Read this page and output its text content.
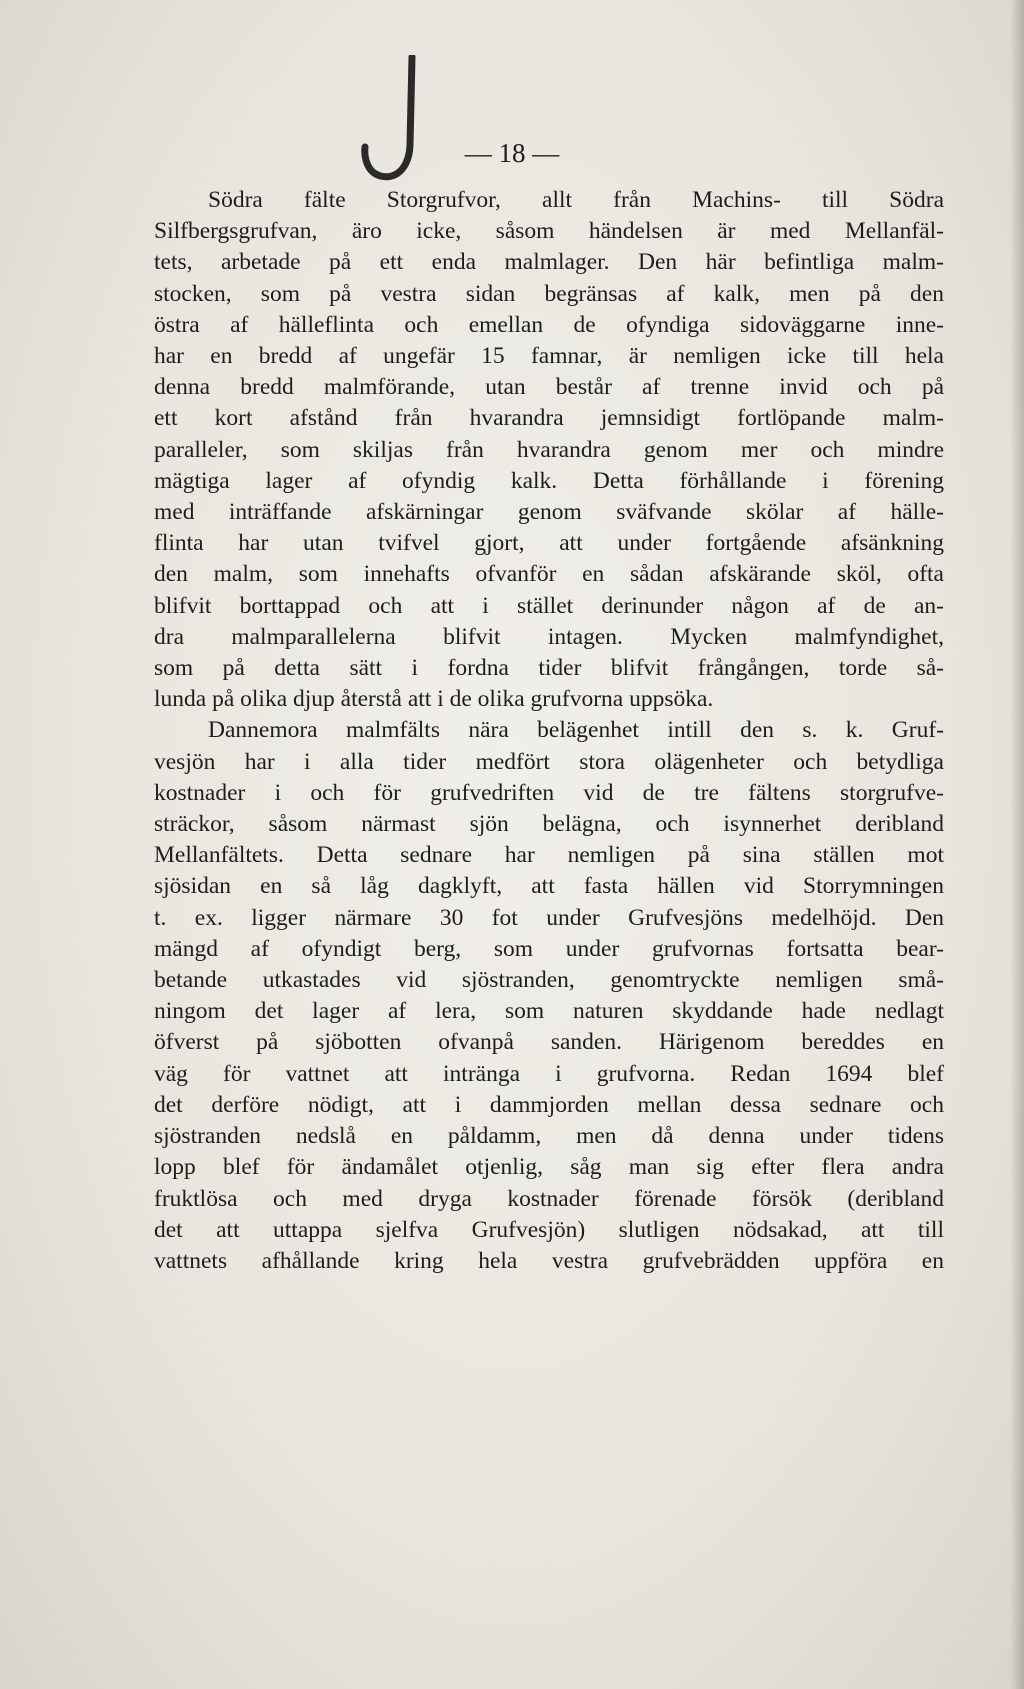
— 18 —
Södra fälte Storgrufvor, allt från Machins- till Södra
Silfbergsgrufvan, äro icke, såsom händelsen är med Mellanfäl-
tets, arbetade på ett enda malmlager. Den här befintliga malm-
stocken, som på vestra sidan begränsas af kalk, men på den
östra af hälleflinta och emellan de ofyndiga sidoväggarne inne-
har en bredd af ungefär 15 famnar, är nemligen icke till hela
denna bredd malmförande, utan består af trenne invid och på
ett kort afstånd från hvarandra jemnsidigt fortlöpande malm-
paralleler, som skiljas från hvarandra genom mer och mindre
mägtiga lager af ofyndig kalk. Detta förhållande i förening
med inträffande afskärningar genom sväfvande skölar af hälle-
flinta har utan tvifvel gjort, att under fortgående afsänkning
den malm, som innehafts ofvanför en sådan afskärande sköl, ofta
blifvit borttappad och att i stället derinunder någon af de an-
dra malmparallelerna blifvit intagen. Mycken malmfyndighet,
som på detta sätt i fordna tider blifvit frångången, torde så-
lunda på olika djup återstå att i de olika grufvorna uppsöka.
Dannemora malmfälts nära belägenhet intill den s. k. Gruf-
vesjön har i alla tider medfört stora olägenheter och betydliga
kostnader i och för grufvedriften vid de tre fältens storgrufve-
sträckor, såsom närmast sjön belägna, och isynnerhet deribland
Mellanfältets. Detta sednare har nemligen på sina ställen mot
sjösidan en så låg dagklyft, att fasta hällen vid Storrymningen
t. ex. ligger närmare 30 fot under Grufvesjöns medelhöjd. Den
mängd af ofyndigt berg, som under grufvornas fortsatta bear-
betande utkastades vid sjöstranden, genomtryckte nemligen små-
ningom det lager af lera, som naturen skyddande hade nedlagt
öfverst på sjöbotten ofvanpå sanden. Härigenom bereddes en
väg för vattnet att inträngа i grufvorna. Redan 1694 blef
det derföre nödigt, att i dammjorden mellan dessa sednare och
sjöstranden nedslå en påldamm, men då denna under tidens
lopp blef för ändamålet otjenlig, såg man sig efter flera andra
fruktlösa och med dryga kostnader förenade försök (deribland
det att uttappa sjelfva Grufvesjön) slutligen nödsakad, att till
vattnets afhållande kring hela vestra grufvebrädden uppföra en
